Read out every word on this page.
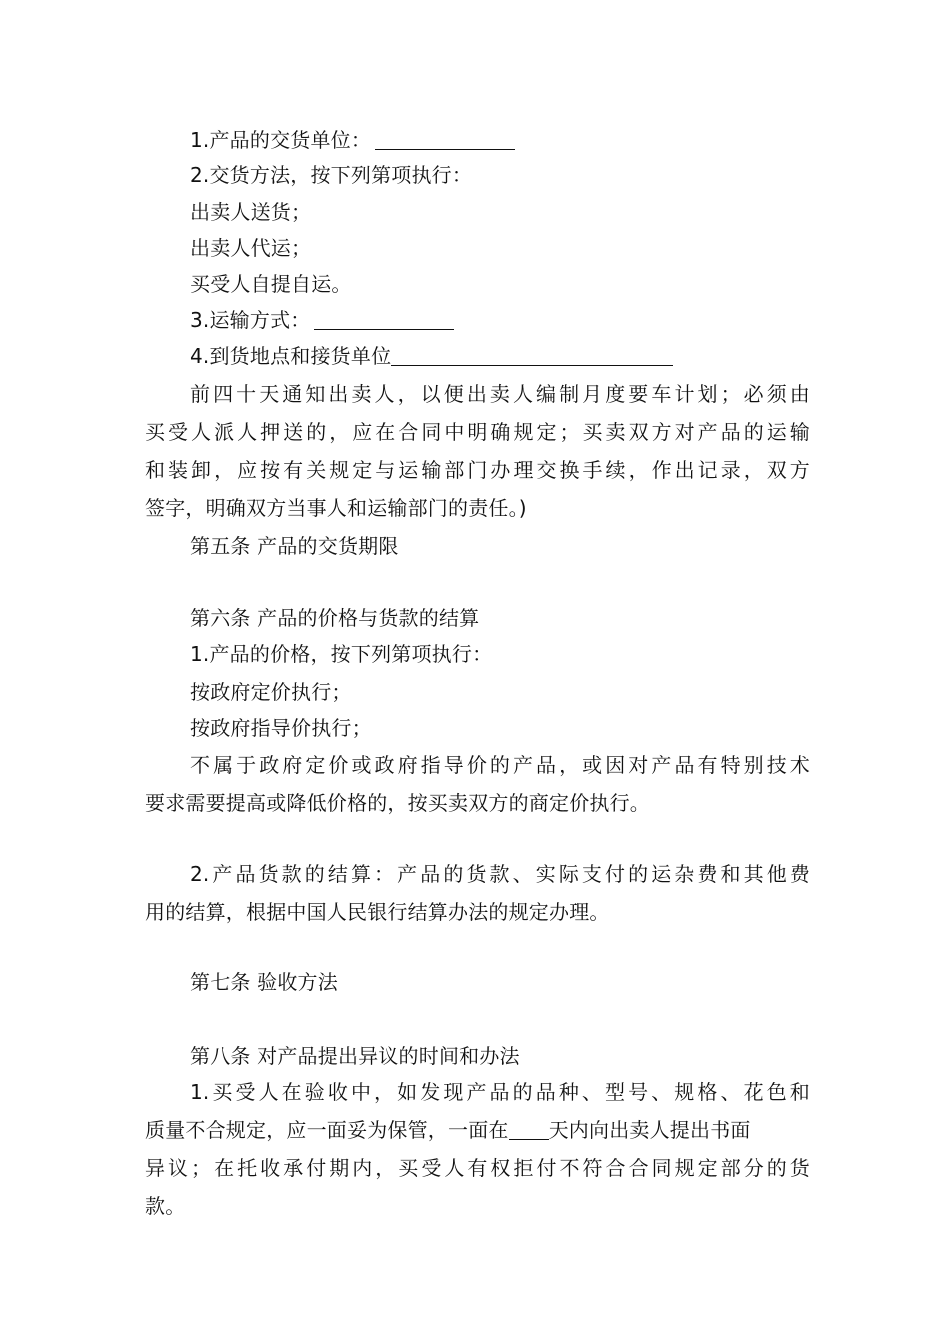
1.产品的交货单位：
2.交货方法，按下列第项执行：
出卖人送货；
出卖人代运；
买受人自提自运。
3.运输方式：
4.到货地点和接货单位
前四十天通知出卖人，以便出卖人编制月度要车计划；必须由
买受人派人押送的，应在合同中明确规定；买卖双方对产品的运输
和装卸，应按有关规定与运输部门办理交换手续，作出记录，双方
签字，明确双方当事人和运输部门的责任。)
第五条 产品的交货期限
第六条 产品的价格与货款的结算
1.产品的价格，按下列第项执行：
按政府定价执行；
按政府指导价执行；
不属于政府定价或政府指导价的产品，或因对产品有特别技术
要求需要提高或降低价格的，按买卖双方的商定价执行。
2.产品货款的结算：产品的货款、实际支付的运杂费和其他费
用的结算，根据中国人民银行结算办法的规定办理。
第七条 验收方法
第八条 对产品提出异议的时间和办法
1.买受人在验收中，如发现产品的品种、型号、规格、花色和
质量不合规定，应一面妥为保管，一面在 天内向出卖人提出书面
异议；在托收承付期内，买受人有权拒付不符合合同规定部分的货
款。
